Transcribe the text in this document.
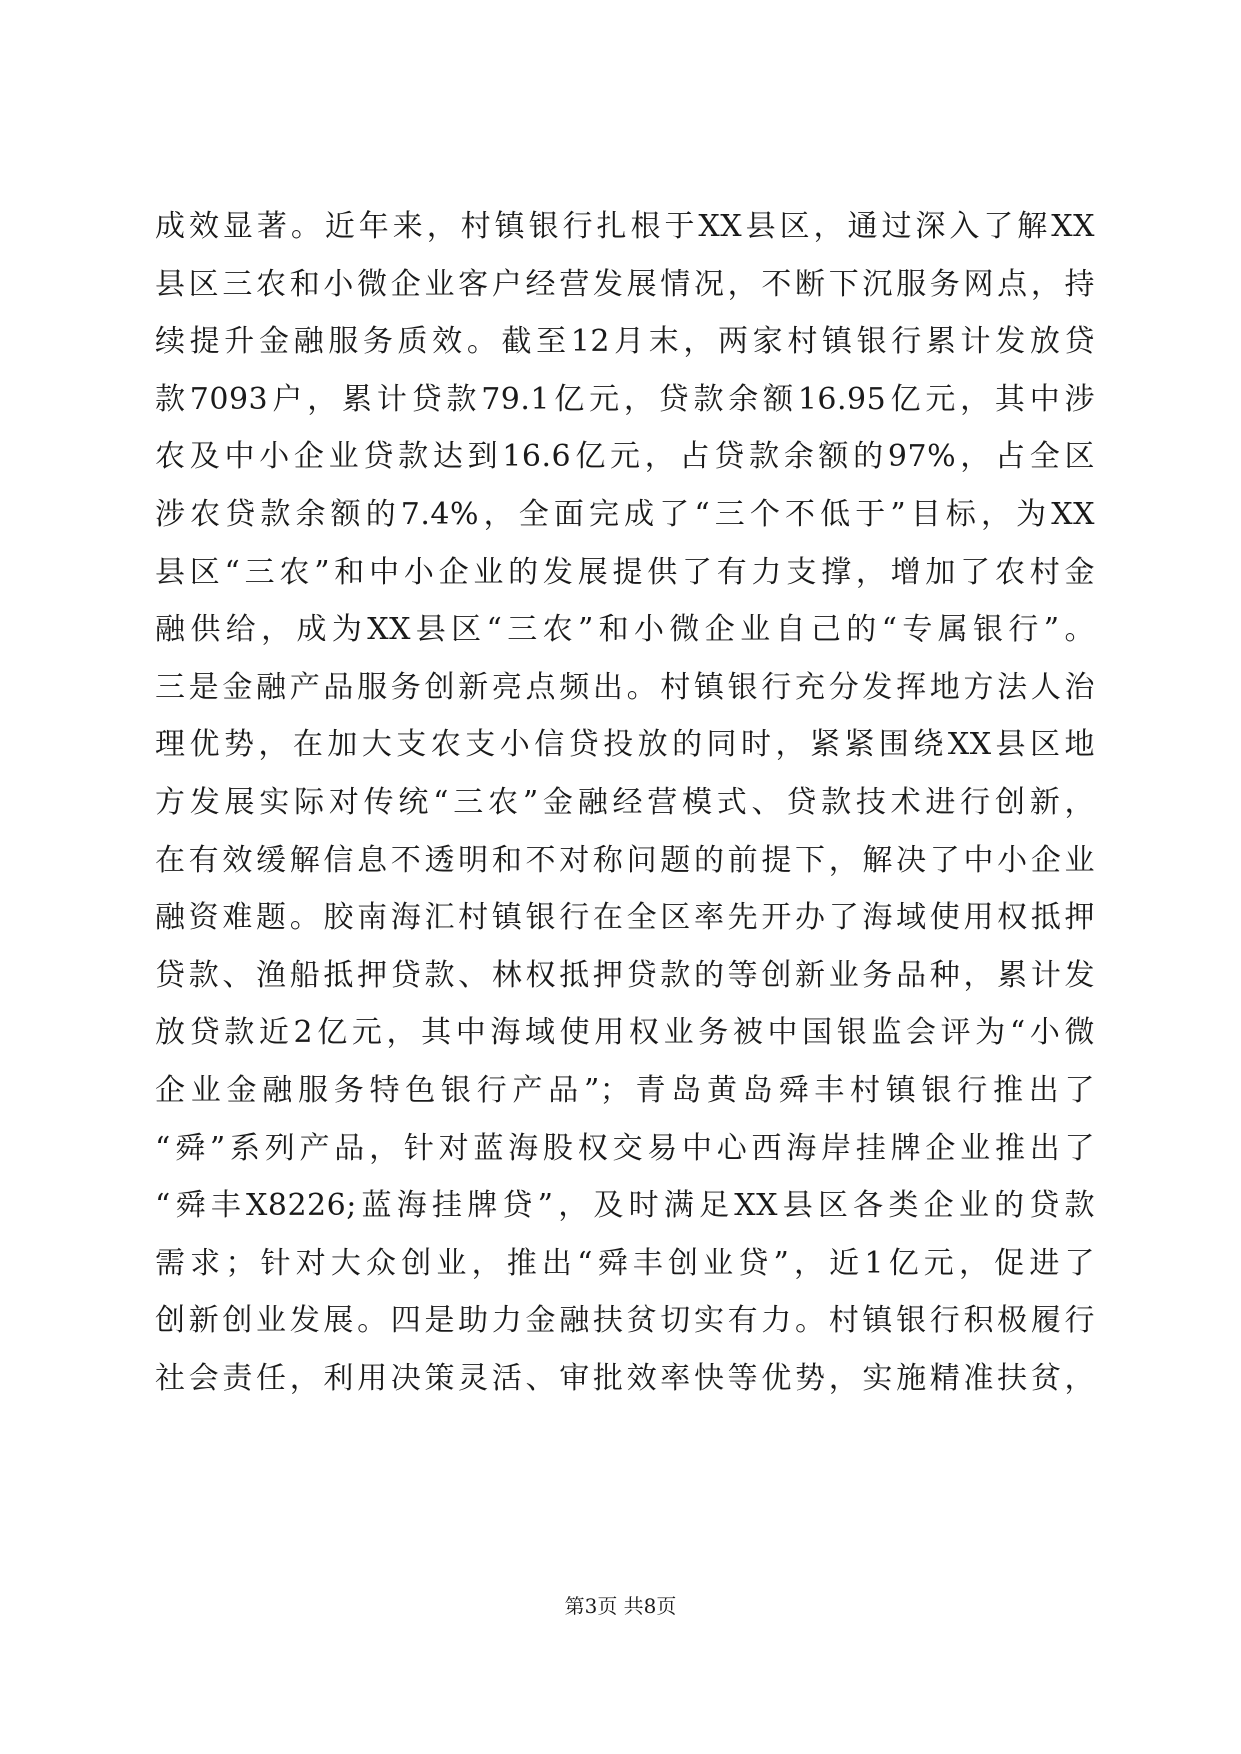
成效显著。近年来，村镇银行扎根于XX县区，通过深入了解XX
县区三农和小微企业客户经营发展情况，不断下沉服务网点，持
续提升金融服务质效。截至12月末，两家村镇银行累计发放贷
款7093户，累计贷款79.1亿元，贷款余额16.95亿元，其中涉
农及中小企业贷款达到16.6亿元，占贷款余额的97%，占全区
涉农贷款余额的7.4%，全面完成了“三个不低于”目标，为XX
县区“三农”和中小企业的发展提供了有力支撑，增加了农村金
融供给，成为XX县区“三农”和小微企业自己的“专属银行”。
三是金融产品服务创新亮点频出。村镇银行充分发挥地方法人治
理优势，在加大支农支小信贷投放的同时，紧紧围绕XX县区地
方发展实际对传统“三农”金融经营模式、贷款技术进行创新，
在有效缓解信息不透明和不对称问题的前提下，解决了中小企业
融资难题。胶南海汇村镇银行在全区率先开办了海域使用权抵押
贷款、渔船抵押贷款、林权抵押贷款的等创新业务品种，累计发
放贷款近2亿元，其中海域使用权业务被中国银监会评为“小微
企业金融服务特色银行产品”；青岛黄岛舜丰村镇银行推出了
“舜”系列产品，针对蓝海股权交易中心西海岸挂牌企业推出了
“舜丰X8226;蓝海挂牌贷”，及时满足XX县区各类企业的贷款
需求；针对大众创业，推出“舜丰创业贷”，近1亿元，促进了
创新创业发展。四是助力金融扶贫切实有力。村镇银行积极履行
社会责任，利用决策灵活、审批效率快等优势，实施精准扶贫，
第3页 共8页
